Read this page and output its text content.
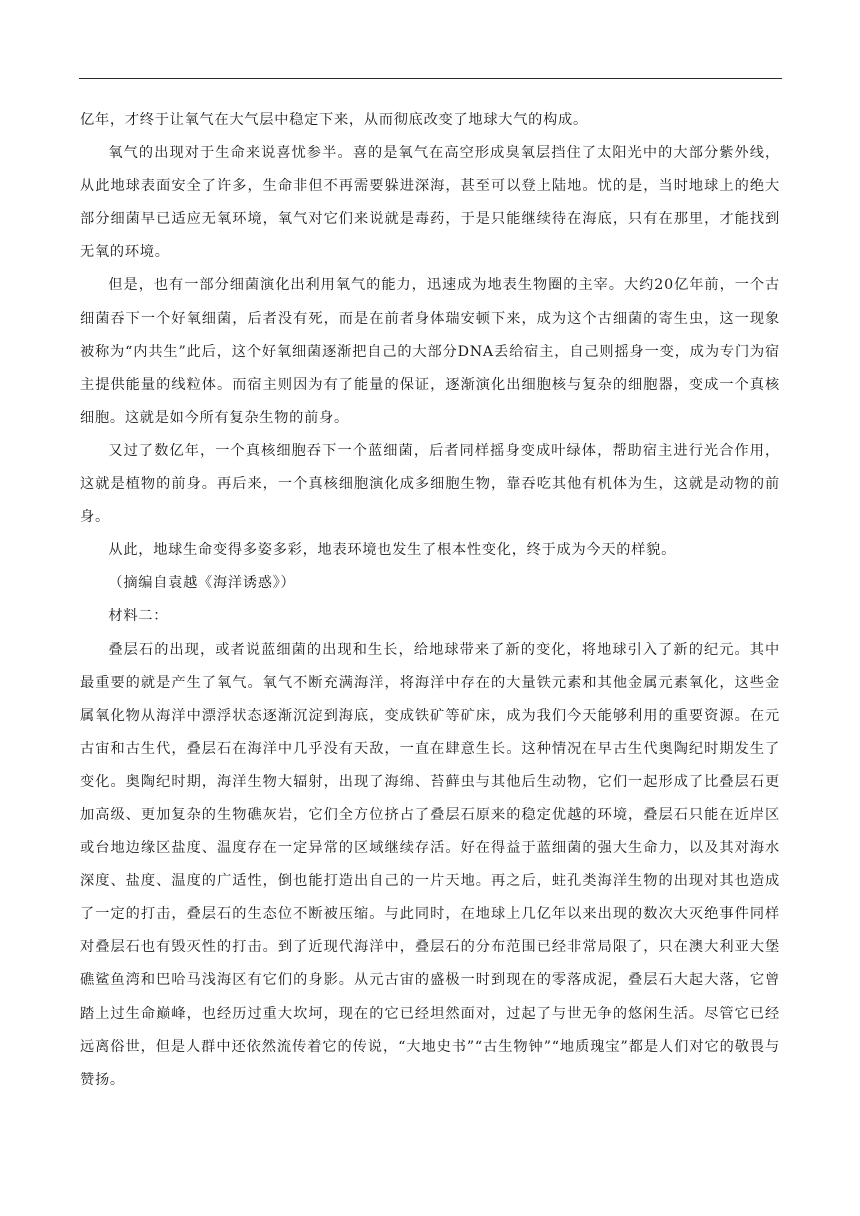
亿年，才终于让氧气在大气层中稳定下来，从而彻底改变了地球大气的构成。

氧气的出现对于生命来说喜忧参半。喜的是氧气在高空形成臭氧层挡住了太阳光中的大部分紫外线，从此地球表面安全了许多，生命非但不再需要躲进深海，甚至可以登上陆地。忧的是，当时地球上的绝大部分细菌早已适应无氧环境，氧气对它们来说就是毒药，于是只能继续待在海底，只有在那里，才能找到无氧的环境。

但是，也有一部分细菌演化出利用氧气的能力，迅速成为地表生物圈的主宰。大约20亿年前，一个古细菌吞下一个好氧细菌，后者没有死，而是在前者身体瑞安顿下来，成为这个古细菌的寄生虫，这一现象被称为“内共生”此后，这个好氧细菌逐渐把自己的大部分DNA丢给宿主，自己则摇身一变，成为专门为宿主提供能量的线粒体。而宿主则因为有了能量的保证，逐渐演化出细胞核与复杂的细胞器，变成一个真核细胞。这就是如今所有复杂生物的前身。

又过了数亿年，一个真核细胞吞下一个蓝细菌，后者同样摇身变成叶绿体，帮助宿主进行光合作用，这就是植物的前身。再后来，一个真核细胞演化成多细胞生物，靠吞吃其他有机体为生，这就是动物的前身。

从此，地球生命变得多姿多彩，地表环境也发生了根本性变化，终于成为今天的样貌。

（摘编自袁越《海洋诱惑》）

材料二：

叠层石的出现，或者说蓝细菌的出现和生长，给地球带来了新的变化，将地球引入了新的纪元。其中最重要的就是产生了氧气。氧气不断充满海洋，将海洋中存在的大量铁元素和其他金属元素氧化，这些金属氧化物从海洋中漂浮状态逐渐沉淀到海底，变成铁矿等矿床，成为我们今天能够利用的重要资源。在元古宙和古生代，叠层石在海洋中几乎没有天敌，一直在肆意生长。这种情况在早古生代奥陶纪时期发生了变化。奥陶纪时期，海洋生物大辐射，出现了海绵、苔藓虫与其他后生动物，它们一起形成了比叠层石更加高级、更加复杂的生物礁灰岩，它们全方位挤占了叠层石原来的稳定优越的环境，叠层石只能在近岸区或台地边缘区盐度、温度存在一定异常的区域继续存活。好在得益于蓝细菌的强大生命力，以及其对海水深度、盐度、温度的广适性，倒也能打造出自己的一片天地。再之后，蛀孔类海洋生物的出现对其也造成了一定的打击，叠层石的生态位不断被压缩。与此同时，在地球上几亿年以来出现的数次大灭绝事件同样对叠层石也有毁灭性的打击。到了近现代海洋中，叠层石的分布范围已经非常局限了，只在澳大利亚大堡礁鲨鱼湾和巴哈马浅海区有它们的身影。从元古宙的盛极一时到现在的零落成泥，叠层石大起大落，它曾踏上过生命巅峰，也经历过重大坎坷，现在的它已经坦然面对，过起了与世无争的悠闲生活。尽管它已经远离俗世，但是人群中还依然流传着它的传说，“大地史书”“古生物钟”“地质瑰宝”都是人们对它的敬畏与赞扬。
